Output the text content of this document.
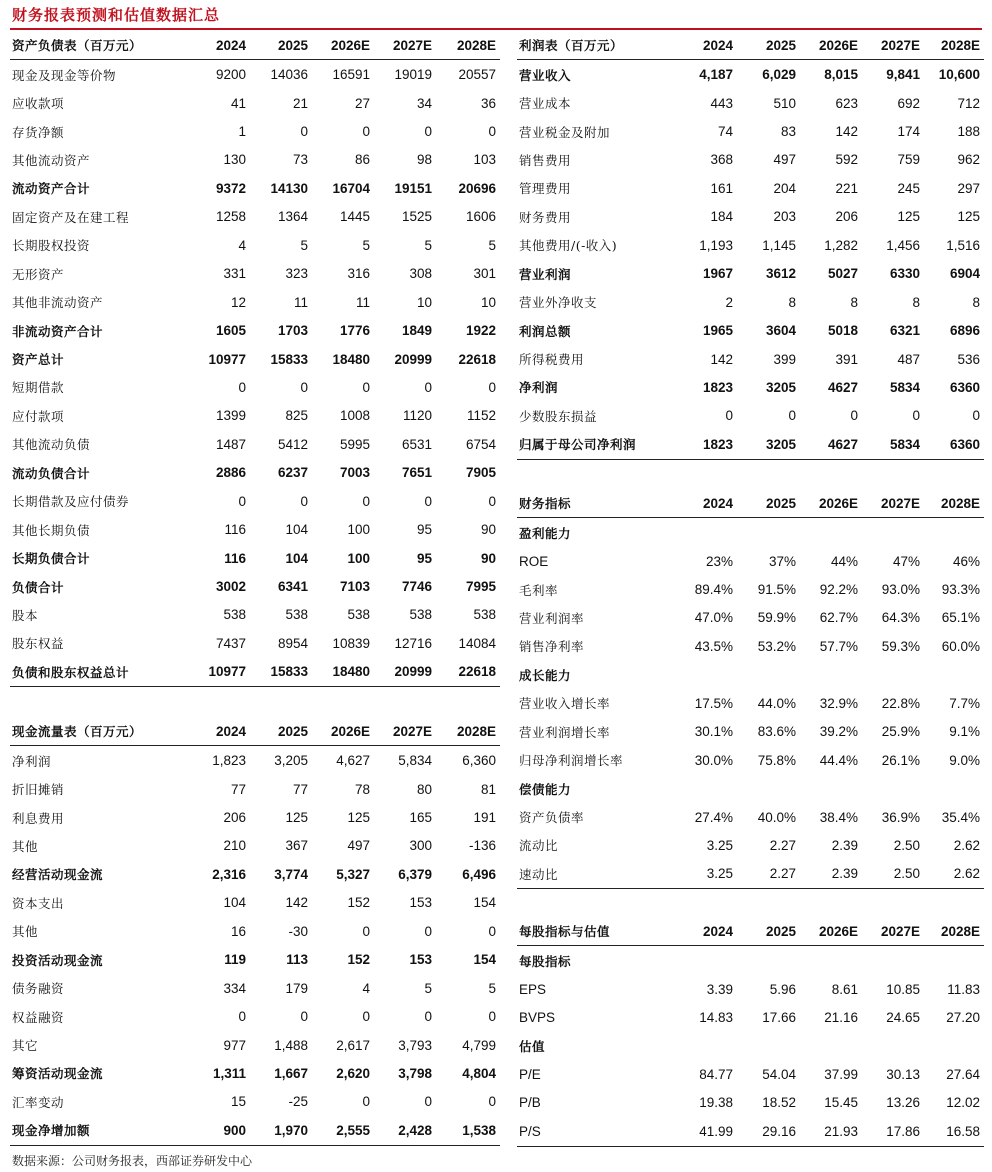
财务报表预测和估值数据汇总
资产负债表（百万元）	2024	2025	2026E	2027E	2028E
现金及现金等价物	9200	14036	16591	19019	20557
应收款项	41	21	27	34	36
存货净额	1	0	0	0	0
其他流动资产	130	73	86	98	103
流动资产合计	9372	14130	16704	19151	20696
固定资产及在建工程	1258	1364	1445	1525	1606
长期股权投资	4	5	5	5	5
无形资产	331	323	316	308	301
其他非流动资产	12	11	11	10	10
非流动资产合计	1605	1703	1776	1849	1922
资产总计	10977	15833	18480	20999	22618
短期借款	0	0	0	0	0
应付款项	1399	825	1008	1120	1152
其他流动负债	1487	5412	5995	6531	6754
流动负债合计	2886	6237	7003	7651	7905
长期借款及应付债券	0	0	0	0	0
其他长期负债	116	104	100	95	90
长期负债合计	116	104	100	95	90
负债合计	3002	6341	7103	7746	7995
股本	538	538	538	538	538
股东权益	7437	8954	10839	12716	14084
负债和股东权益总计	10977	15833	18480	20999	22618
现金流量表（百万元）	2024	2025	2026E	2027E	2028E
净利润	1,823	3,205	4,627	5,834	6,360
折旧摊销	77	77	78	80	81
利息费用	206	125	125	165	191
其他	210	367	497	300	-136
经营活动现金流	2,316	3,774	5,327	6,379	6,496
资本支出	104	142	152	153	154
其他	16	-30	0	0	0
投资活动现金流	119	113	152	153	154
债务融资	334	179	4	5	5
权益融资	0	0	0	0	0
其它	977	1,488	2,617	3,793	4,799
筹资活动现金流	1,311	1,667	2,620	3,798	4,804
汇率变动	15	-25	0	0	0
现金净增加额	900	1,970	2,555	2,428	1,538
利润表（百万元）	2024	2025	2026E	2027E	2028E
营业收入	4,187	6,029	8,015	9,841	10,600
营业成本	443	510	623	692	712
营业税金及附加	74	83	142	174	188
销售费用	368	497	592	759	962
管理费用	161	204	221	245	297
财务费用	184	203	206	125	125
其他费用/(-收入)	1,193	1,145	1,282	1,456	1,516
营业利润	1967	3612	5027	6330	6904
营业外净收支	2	8	8	8	8
利润总额	1965	3604	5018	6321	6896
所得税费用	142	399	391	487	536
净利润	1823	3205	4627	5834	6360
少数股东损益	0	0	0	0	0
归属于母公司净利润	1823	3205	4627	5834	6360
财务指标	2024	2025	2026E	2027E	2028E
盈利能力					
ROE	23%	37%	44%	47%	46%
毛利率	89.4%	91.5%	92.2%	93.0%	93.3%
营业利润率	47.0%	59.9%	62.7%	64.3%	65.1%
销售净利率	43.5%	53.2%	57.7%	59.3%	60.0%
成长能力					
营业收入增长率	17.5%	44.0%	32.9%	22.8%	7.7%
营业利润增长率	30.1%	83.6%	39.2%	25.9%	9.1%
归母净利润增长率	30.0%	75.8%	44.4%	26.1%	9.0%
偿债能力					
资产负债率	27.4%	40.0%	38.4%	36.9%	35.4%
流动比	3.25	2.27	2.39	2.50	2.62
速动比	3.25	2.27	2.39	2.50	2.62
每股指标与估值	2024	2025	2026E	2027E	2028E
每股指标					
EPS	3.39	5.96	8.61	10.85	11.83
BVPS	14.83	17.66	21.16	24.65	27.20
估值					
P/E	84.77	54.04	37.99	30.13	27.64
P/B	19.38	18.52	15.45	13.26	12.02
P/S	41.99	29.16	21.93	17.86	16.58
数据来源：公司财务报表，西部证券研发中心
